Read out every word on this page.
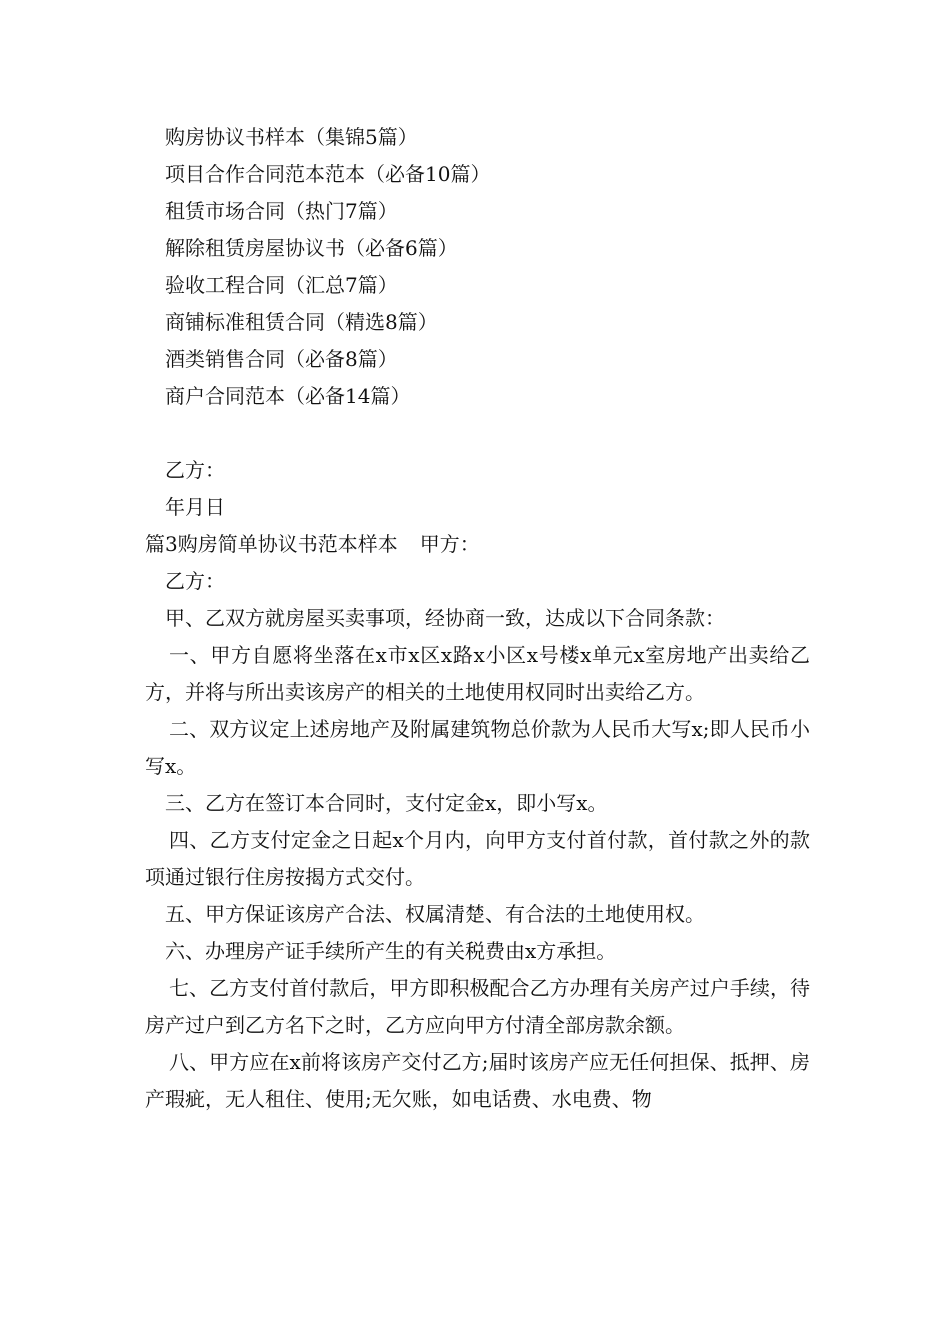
购房协议书样本（集锦5篇）
项目合作合同范本范本（必备10篇）
租赁市场合同（热门7篇）
解除租赁房屋协议书（必备6篇）
验收工程合同（汇总7篇）
商铺标准租赁合同（精选8篇）
酒类销售合同（必备8篇）
商户合同范本（必备14篇）
乙方：
年月日
篇3购房简单协议书范本样本 甲方：
乙方：
甲、乙双方就房屋买卖事项，经协商一致，达成以下合同条款：
一、甲方自愿将坐落在x市x区x路x小区x号楼x单元x室房地产出卖给乙方，并将与所出卖该房产的相关的土地使用权同时出卖给乙方。
二、双方议定上述房地产及附属建筑物总价款为人民币大写x;即人民币小写x。
三、乙方在签订本合同时，支付定金x，即小写x。
四、乙方支付定金之日起x个月内，向甲方支付首付款，首付款之外的款项通过银行住房按揭方式交付。
五、甲方保证该房产合法、权属清楚、有合法的土地使用权。
六、办理房产证手续所产生的有关税费由x方承担。
七、乙方支付首付款后，甲方即积极配合乙方办理有关房产过户手续，待房产过户到乙方名下之时，乙方应向甲方付清全部房款余额。
八、甲方应在x前将该房产交付乙方;届时该房产应无任何担保、抵押、房产瑕疵，无人租住、使用;无欠账，如电话费、水电费、物
